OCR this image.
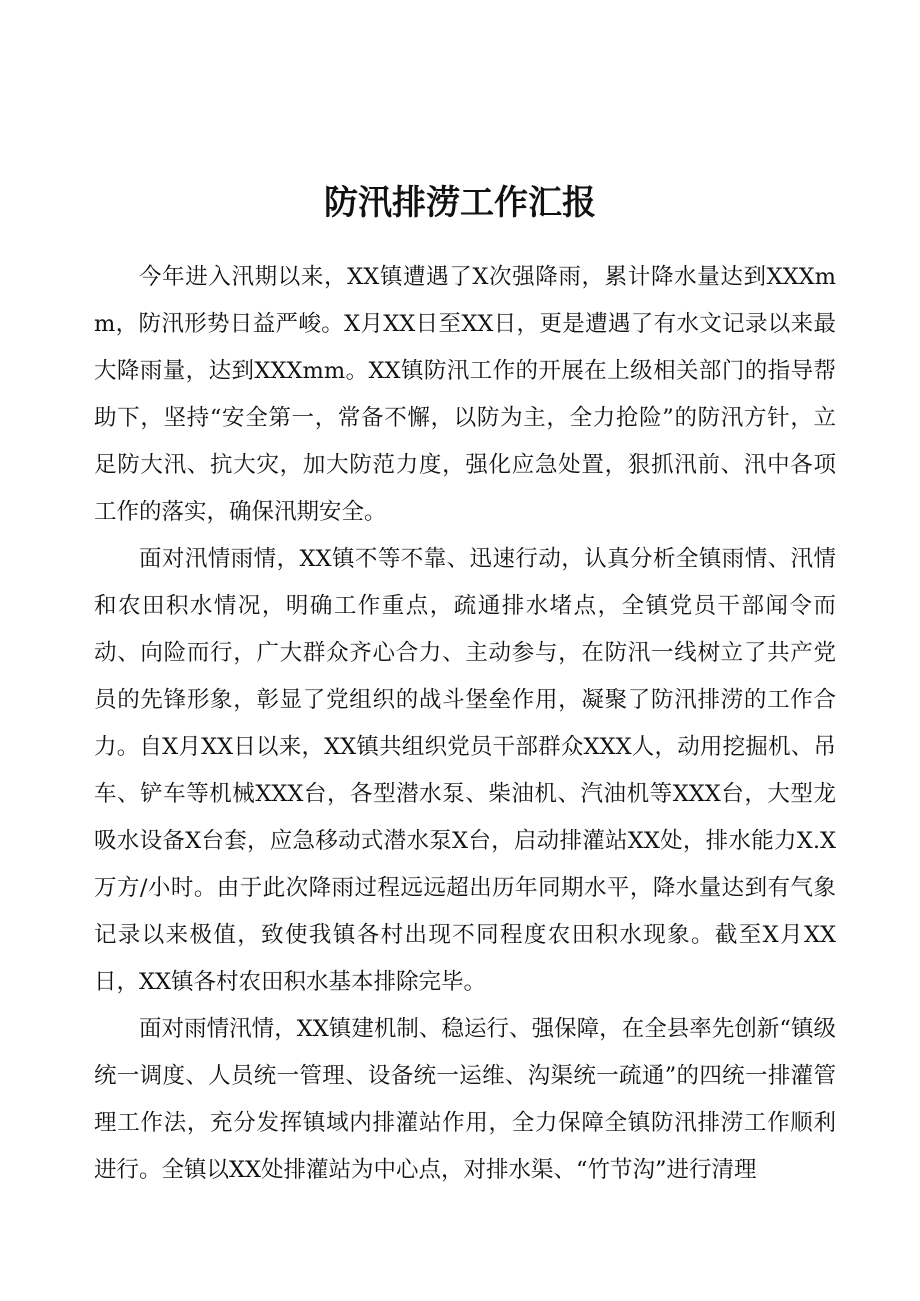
防汛排涝工作汇报

今年进入汛期以来，XX镇遭遇了X次强降雨，累计降水量达到XXXmm，防汛形势日益严峻。X月XX日至XX日，更是遭遇了有水文记录以来最大降雨量，达到XXXmm。XX镇防汛工作的开展在上级相关部门的指导帮助下，坚持“安全第一，常备不懈，以防为主，全力抢险”的防汛方针，立足防大汛、抗大灾，加大防范力度，强化应急处置，狠抓汛前、汛中各项工作的落实，确保汛期安全。

面对汛情雨情，XX镇不等不靠、迅速行动，认真分析全镇雨情、汛情和农田积水情况，明确工作重点，疏通排水堵点，全镇党员干部闻令而动、向险而行，广大群众齐心合力、主动参与，在防汛一线树立了共产党员的先锋形象，彰显了党组织的战斗堡垒作用，凝聚了防汛排涝的工作合力。自X月XX日以来，XX镇共组织党员干部群众XXX人，动用挖掘机、吊车、铲车等机械XXX台，各型潜水泵、柴油机、汽油机等XXX台，大型龙吸水设备X台套，应急移动式潜水泵X台，启动排灌站XX处，排水能力X.X万方/小时。由于此次降雨过程远远超出历年同期水平，降水量达到有气象记录以来极值，致使我镇各村出现不同程度农田积水现象。截至X月XX日，XX镇各村农田积水基本排除完毕。

面对雨情汛情，XX镇建机制、稳运行、强保障，在全县率先创新“镇级统一调度、人员统一管理、设备统一运维、沟渠统一疏通”的四统一排灌管理工作法，充分发挥镇域内排灌站作用，全力保障全镇防汛排涝工作顺利进行。全镇以XX处排灌站为中心点，对排水渠、“竹节沟”进行清理
